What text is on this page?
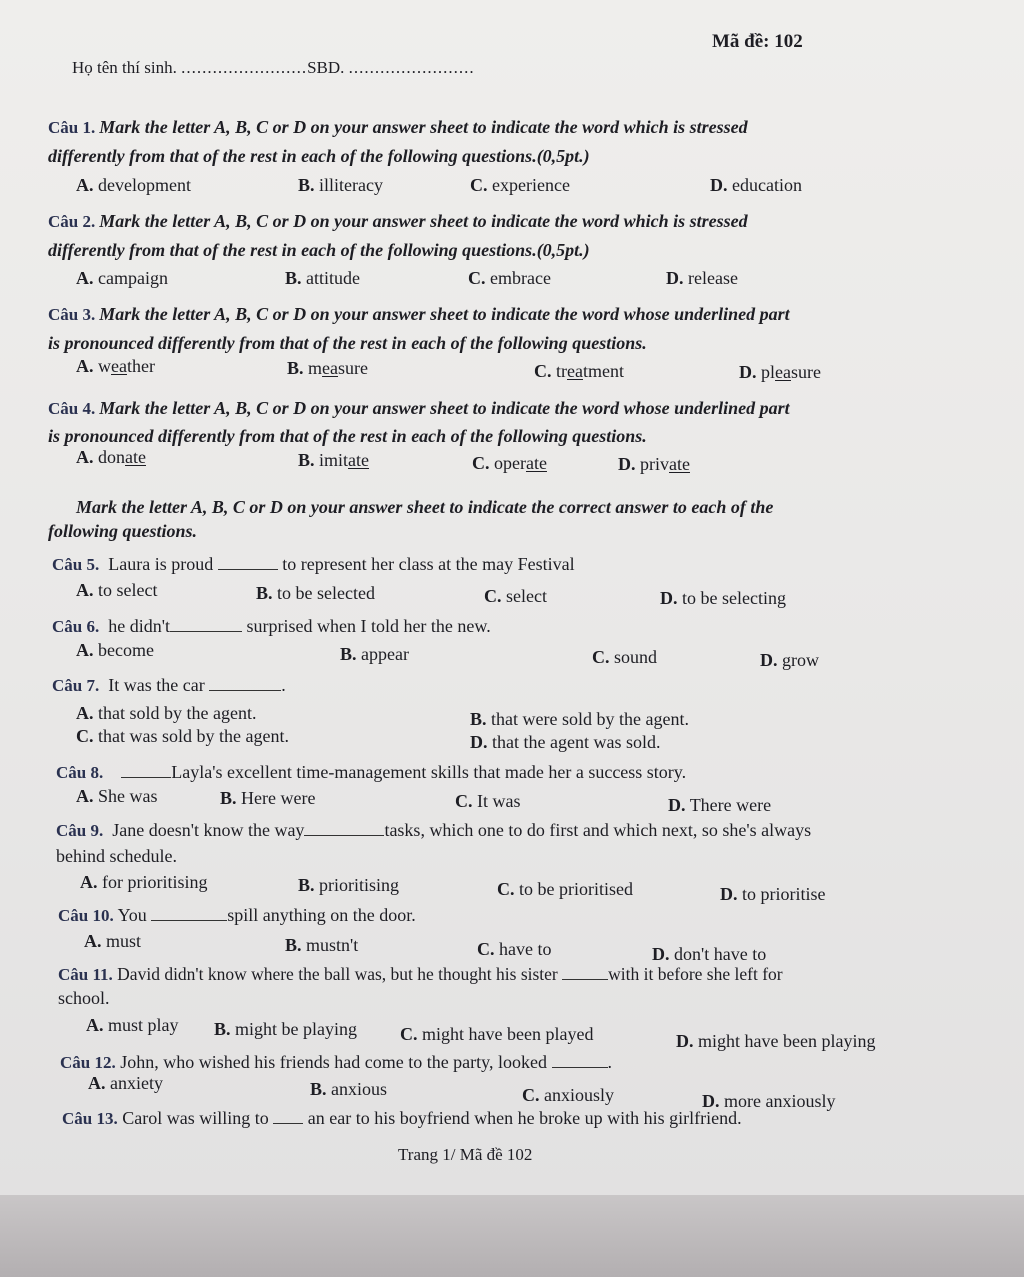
Mã đề: 102
Họ tên thí sinh. ........................SBD. ........................
Câu 1. Mark the letter A, B, C or D on your answer sheet to indicate the word which is stressed
differently from that of the rest in each of the following questions.(0,5pt.)
A. development	B. illiteracy	C. experience	D. education
Câu 2. Mark the letter A, B, C or D on your answer sheet to indicate the word which is stressed
differently from that of the rest in each of the following questions.(0,5pt.)
A. campaign	B. attitude	C. embrace	D. release
Câu 3. Mark the letter A, B, C or D on your answer sheet to indicate the word whose underlined part
is pronounced differently from that of the rest in each of the following questions.
A. weather	B. measure	C. treatment	D. pleasure
Câu 4. Mark the letter A, B, C or D on your answer sheet to indicate the word whose underlined part
is pronounced differently from that of the rest in each of the following questions.
A. donate	B. imitate	C. operate	D. private
Mark the letter A, B, C or D on your answer sheet to indicate the correct answer to each of the
following questions.
Câu 5. Laura is proud	to represent her class at the may Festival
A. to select	B. to be selected	C. select	D. to be selecting
Câu 6. he didn't	surprised when I told her the new.
A. become	B. appear	C. sound	D. grow
Câu 7. It was the car	.
A. that sold by the agent.	B. that were sold by the agent.
C. that was sold by the agent.	D. that the agent was sold.
Câu 8.	Layla's excellent time-management skills that made her a success story.
A. She was	B. Here were	C. It was	D. There were
Câu 9. Jane doesn't know the way	tasks, which one to do first and which next, so she's always
behind schedule.
A. for prioritising	B. prioritising	C. to be prioritised	D. to prioritise
Câu 10. You	spill anything on the door.
A. must	B. mustn't	C. have to	D. don't have to
Câu 11. David didn't know where the ball was, but he thought his sister	with it before she left for
school.
A. must play B. might be playing C. might have been played	D. might have been playing
Câu 12. John, who wished his friends had come to the party, looked	.
A. anxiety	B. anxious	C. anxiously	D. more anxiously
Câu 13. Carol was willing to an ear to his boyfriend when he broke up with his girlfriend.
Trang 1/ Mã đề 102
